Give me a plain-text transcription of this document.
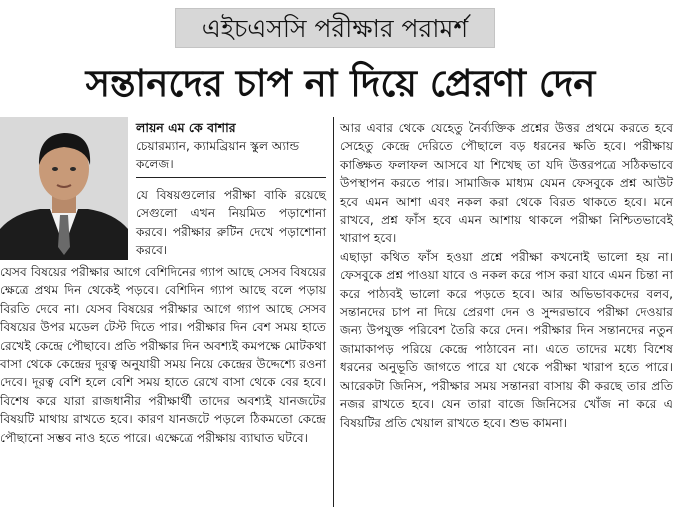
এইচএসসি পরীক্ষার পরামর্শ
সন্তানদের চাপ না দিয়ে প্রেরণা দেন
লায়ন এম কে বাশার
চেয়ারম্যান, ক্যামব্রিয়ান স্কুল অ্যান্ড কলেজ।
যে বিষয়গুলোর পরীক্ষা বাকি রয়েছে সেগুলো এখন নিয়মিত পড়াশোনা করবে। পরীক্ষার রুটিন দেখে পড়াশোনা করবে।
যেসব বিষয়ের পরীক্ষার আগে বেশিদিনের গ্যাপ আছে সেসব বিষয়ের ক্ষেত্রে প্রথম দিন থেকেই পড়বে। বেশিদিন গ্যাপ আছে বলে পড়ায় বিরতি দেবে না। যেসব বিষয়ের পরীক্ষার আগে গ্যাপ আছে সেসব বিষয়ের উপর মডেল টেস্ট দিতে পার। পরীক্ষার দিন বেশ সময় হাতে রেখেই কেন্দ্রে পৌছাবে। প্রতি পরীক্ষার দিন অবশ্যই কমপক্ষে মোটকথা বাসা থেকে কেন্দ্রের দূরত্ব অনুযায়ী সময় নিয়ে কেন্দ্রের উদ্দেশ্যে রওনা দেবে। দূরত্ব বেশি হলে বেশি সময় হাতে রেখে বাসা থেকে বের হবে। বিশেষ করে যারা রাজধানীর পরীক্ষার্থী তাদের অবশ্যই যানজটের বিষয়টি মাথায় রাখতে হবে। কারণ যানজটে পড়লে ঠিকমতো কেন্দ্রে পৌছানো সম্ভব নাও হতে পারে। এক্ষেত্রে পরীক্ষায় ব্যাঘাত ঘটবে।

আর এবার থেকে যেহেতু নৈর্ব্যক্তিক প্রশ্নের উত্তর প্রথমে করতে হবে সেহেতু কেন্দ্রে দেরিতে পৌছালে বড় ধরনের ক্ষতি হবে। পরীক্ষায় কাঙ্ক্ষিত ফলাফল আসবে যা শিখেছ তা যদি উত্তরপত্রে সঠিকভাবে উপস্থাপন করতে পার। সামাজিক মাধ্যম যেমন ফেসবুকে প্রশ্ন আউট হবে এমন আশা এবং নকল করা থেকে বিরত থাকতে হবে। মনে রাখবে, প্রশ্ন ফাঁস হবে এমন আশায় থাকলে পরীক্ষা নিশ্চিতভাবেই খারাপ হবে।

এছাড়া কথিত ফাঁস হওয়া প্রশ্নে পরীক্ষা কখনোই ভালো হয় না। ফেসবুকে প্রশ্ন পাওয়া যাবে ও নকল করে পাস করা যাবে এমন চিন্তা না করে পাঠ্যবই ভালো করে পড়তে হবে। আর অভিভাবকদের বলব, সন্তানদের চাপ না দিয়ে প্রেরণা দেন ও সুন্দরভাবে পরীক্ষা দেওয়ার জন্য উপযুক্ত পরিবেশ তৈরি করে দেন। পরীক্ষার দিন সন্তানদের নতুন জামাকাপড় পরিয়ে কেন্দ্রে পাঠাবেন না। এতে তাদের মধ্যে বিশেষ ধরনের অনুভূতি জাগতে পারে যা থেকে পরীক্ষা খারাপ হতে পারে। আরেকটা জিনিস, পরীক্ষার সময় সন্তানরা বাসায় কী করছে তার প্রতি নজর রাখতে হবে। যেন তারা বাজে জিনিসের খোঁজ না করে এ বিষয়টির প্রতি খেয়াল রাখতে হবে। শুভ কামনা।
